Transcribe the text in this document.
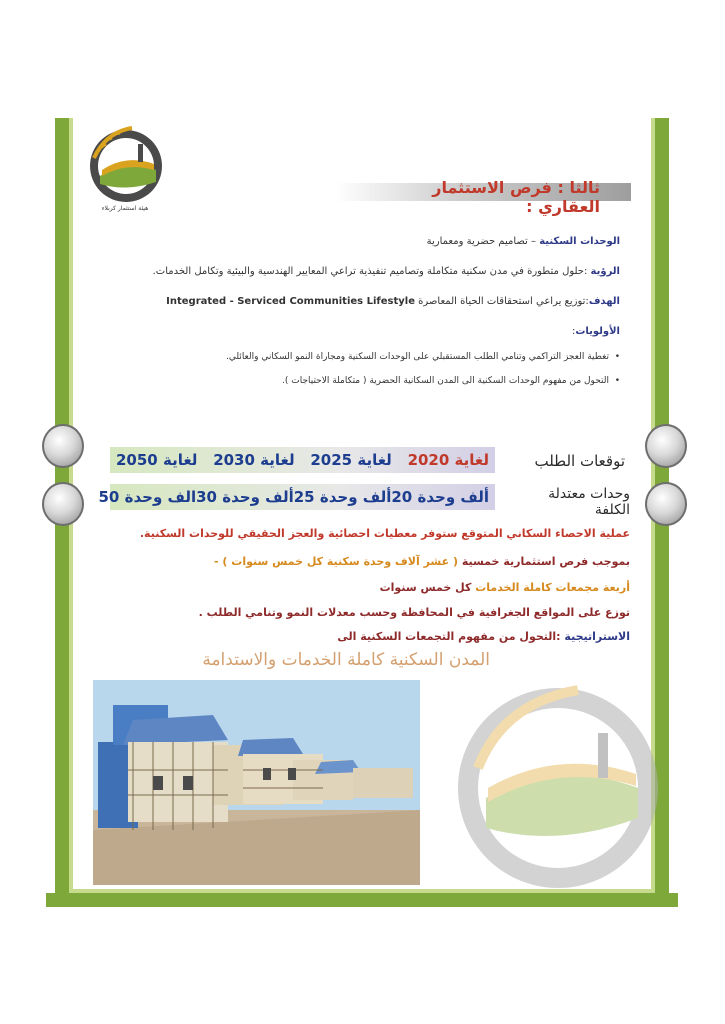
هيئة استثمار كربلاء
ثالثا : فرص الاستثمار العقاري :
الوحدات السكنية – تصاميم حضرية ومعمارية
الرؤية :حلول متطورة في مدن سكنية متكاملة وتصاميم تنفيذية تراعي المعايير الهندسية والبيئية وتكامل الخدمات.
الهدف:توزيع يراعي استحقاقات الحياة المعاصرة Integrated - Serviced Communities Lifestyle
الأولويات:
•  تغطية العجز التراكمي وتنامي الطلب المستقبلي على الوحدات السكنية ومجاراة النمو السكاني والعائلي.
•  التحول من مفهوم الوحدات السكنية الى المدن السكانية الحضرية ( متكاملة الاحتياجات ).
توقعات الطلب
لغاية 2020
لغاية 2025
لغاية 2030
لغاية 2050
وحدات معتدلة الكلفة
20 ألف وحدة
25 ألف وحدة
30 ألف وحدة
50 الف وحدة
عملية الاحصاء السكاني المتوقع ستوفر معطيات احصائية والعجز الحقيقي للوحدات السكنية.
بموجب فرص استثمارية خمسية ( عشر آلاف وحدة سكنية كل خمس سنوات ) -
أربعة مجمعات كاملة الخدمات كل خمس سنوات
توزع على المواقع الجغرافية في المحافظة وحسب معدلات النمو وتنامي الطلب .
الاستراتيجية :التحول من مفهوم التجمعات السكنية الى
المدن السكنية كاملة الخدمات والاستدامة
